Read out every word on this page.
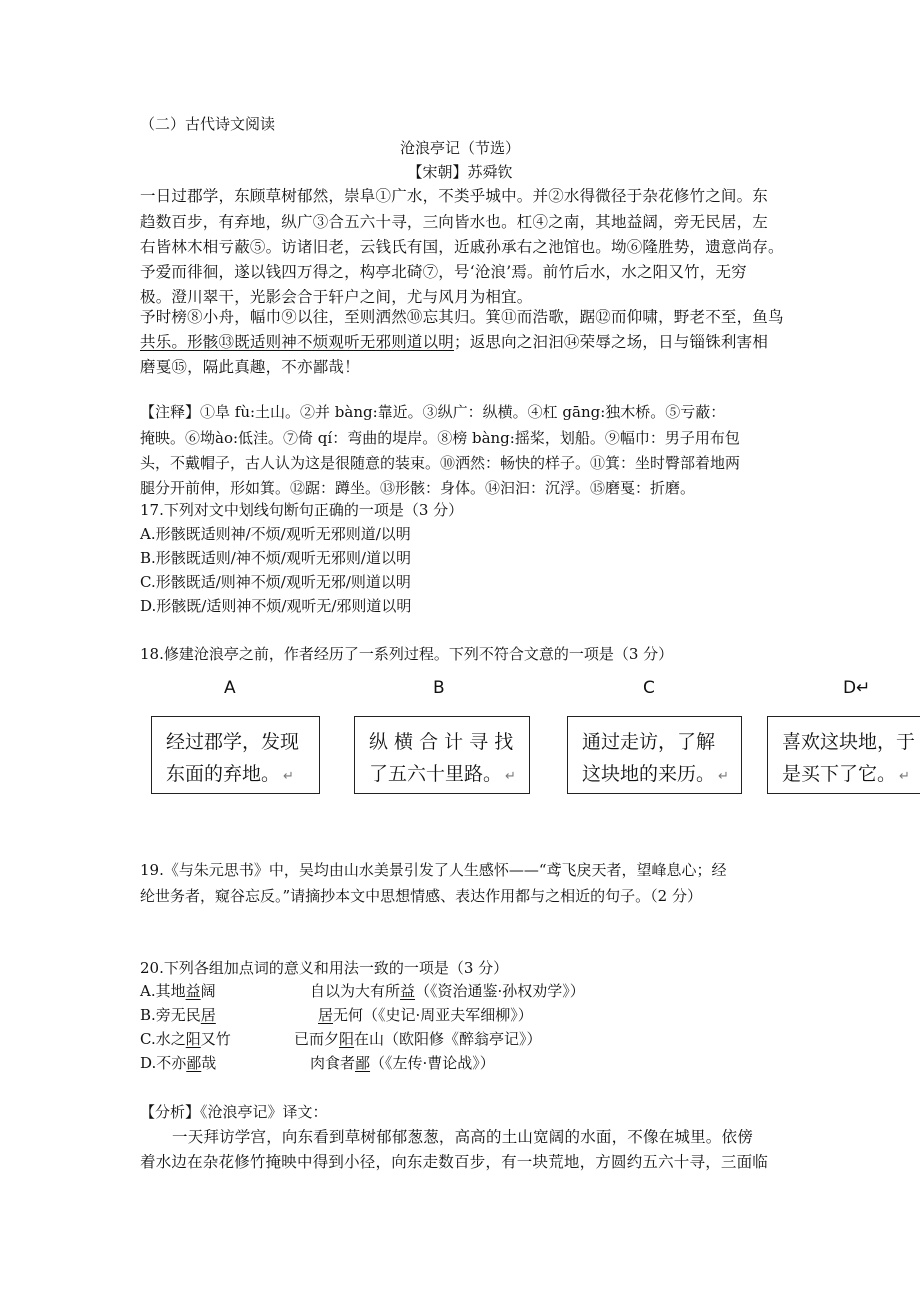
（二）古代诗文阅读
沧浪亭记（节选）
【宋朝】苏舜钦
一日过郡学，东顾草树郁然，崇阜①广水，不类乎城中。并②水得微径于杂花修竹之间。东
趋数百步，有弃地，纵广③合五六十寻，三向皆水也。杠④之南，其地益阔，旁无民居，左
右皆林木相亏蔽⑤。访诸旧老，云钱氏有国，近戚孙承右之池馆也。坳⑥隆胜势，遗意尚存。
予爱而徘徊，遂以钱四万得之，构亭北碕⑦，号‘沧浪’焉。前竹后水，水之阳又竹，无穷
极。澄川翠干，光影会合于轩户之间，尤与风月为相宜。
予时榜⑧小舟，幅巾⑨以往，至则洒然⑩忘其归。箕⑪而浩歌，踞⑫而仰啸，野老不至，鱼鸟
共乐。形骸⑬既适则神不烦观听无邪则道以明；返思向之汩汩⑭荣辱之场，日与锱铢利害相
磨戛⑮，隔此真趣，不亦鄙哉！
【注释】①阜 fù:土山。②并 bàng:靠近。③纵广：纵横。④杠 gāng:独木桥。⑤亏蔽：
掩映。⑥坳ào:低洼。⑦倚 qí：弯曲的堤岸。⑧榜 bàng:摇桨，划船。⑨幅巾：男子用布包
头，不戴帽子，古人认为这是很随意的装束。⑩洒然：畅快的样子。⑪箕：坐时臀部着地两
腿分开前伸，形如箕。⑫踞：蹲坐。⑬形骸：身体。⑭汩汩：沉浮。⑮磨戛：折磨。
17.下列对文中划线句断句正确的一项是（3 分）
A.形骸既适则神/不烦/观听无邪则道/以明
B.形骸既适则/神不烦/观听无邪则/道以明
C.形骸既适/则神不烦/观听无邪/则道以明
D.形骸既/适则神不烦/观听无/邪则道以明
18.修建沧浪亭之前，作者经历了一系列过程。下列不符合文意的一项是（3 分）
A	B	C	D↵
经过郡学，发现
东面的弃地。 ↵
纵 横 合 计 寻 找
了五六十里路。 ↵
通过走访，了解
这块地的来历。 ↵
喜欢这块地，于
是买下了它。 ↵
19.《与朱元思书》中，吴均由山水美景引发了人生感怀——“鸢飞戾天者，望峰息心；经
纶世务者，窥谷忘反。”请摘抄本文中思想情感、表达作用都与之相近的句子。（2 分）
20.下列各组加点词的意义和用法一致的一项是（3 分）
A.其地益阔	自以为大有所益（《资治通鉴·孙权劝学》）
B.旁无民居	居无何（《史记·周亚夫军细柳》）
C.水之阳又竹	已而夕阳在山（欧阳修《醉翁亭记》）
D.不亦鄙哉	肉食者鄙（《左传·曹论战》）
【分析】《沧浪亭记》译文：
一天拜访学宫，向东看到草树郁郁葱葱，高高的土山宽阔的水面，不像在城里。依傍
着水边在杂花修竹掩映中得到小径，向东走数百步，有一块荒地，方圆约五六十寻，三面临
